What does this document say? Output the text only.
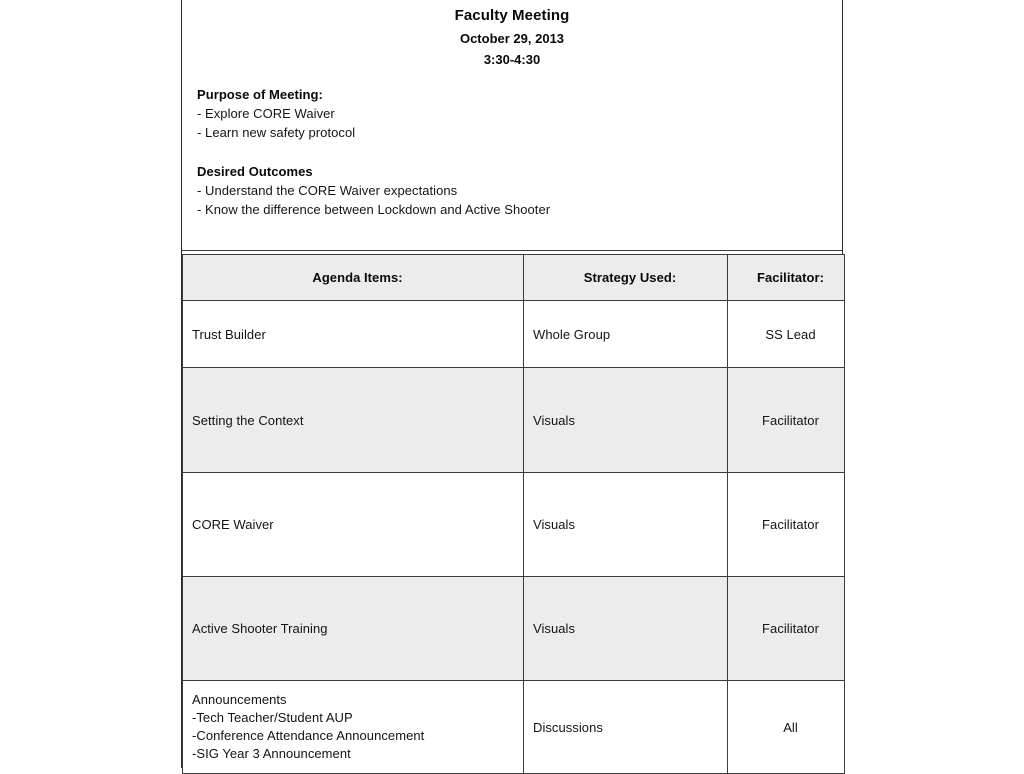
Faculty Meeting
October 29, 2013
3:30-4:30
Purpose of Meeting:
- Explore CORE Waiver
- Learn new safety protocol
Desired Outcomes
- Understand the CORE Waiver expectations
- Know the difference between Lockdown and Active Shooter
Agenda Items:	Strategy Used:	Facilitator:
Trust Builder	Whole Group	SS Lead
Setting the Context	Visuals	Facilitator
CORE Waiver	Visuals	Facilitator
Active Shooter Training	Visuals	Facilitator

Announcements
-Tech Teacher/Student AUP
-Conference Attendance Announcement
-SIG Year 3 Announcement	Discussions	All
